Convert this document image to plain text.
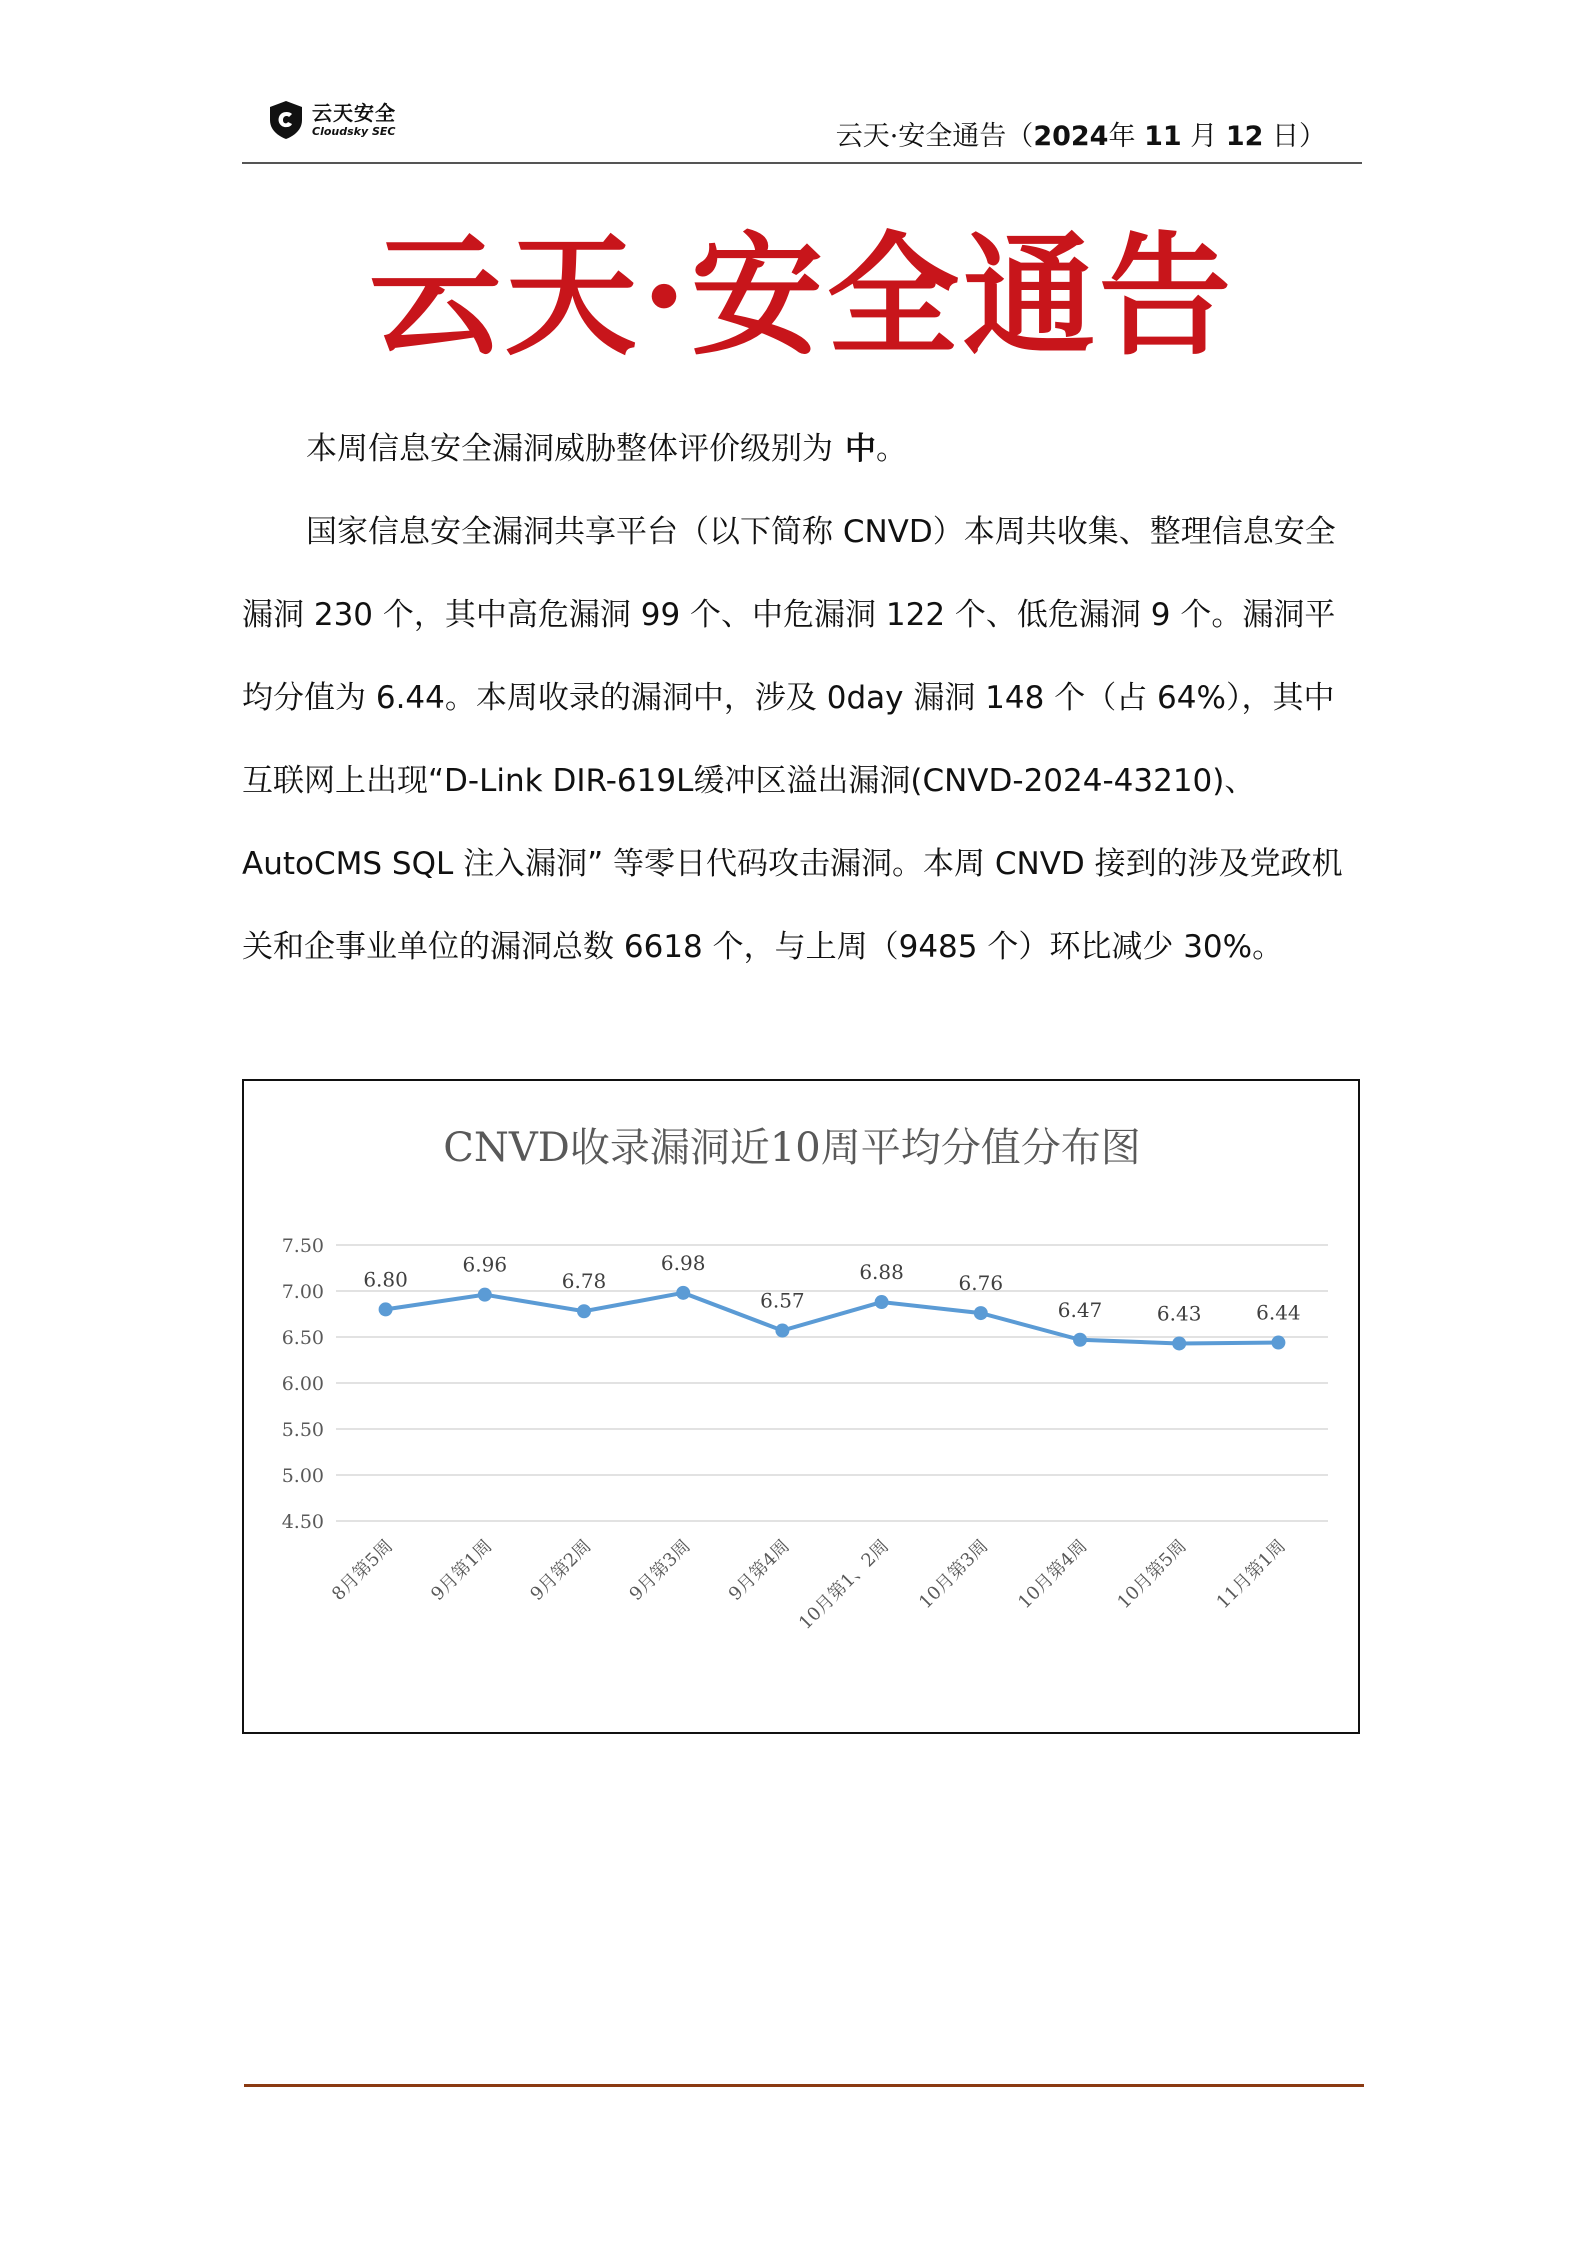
云天安全
Cloudsky SEC	云天·安全通告（2024年 11 月 12 日）
云天·安全通告

本周信息安全漏洞威胁整体评价级别为 中。

国家信息安全漏洞共享平台（以下简称 CNVD）本周共收集、整理信息安全漏洞 230 个，其中高危漏洞 99 个、中危漏洞 122 个、低危漏洞 9 个。漏洞平均分值为 6.44。本周收录的漏洞中，涉及 0day 漏洞 148 个（占 64%），其中互联网上出现“D-Link DIR-619L缓冲区溢出漏洞(CNVD-2024-43210)、AutoCMS SQL 注入漏洞” 等零日代码攻击漏洞。本周 CNVD 接到的涉及党政机关和企事业单位的漏洞总数 6618 个，与上周（9485 个）环比减少 30%。

CNVD收录漏洞近10周平均分值分布图
7.50
7.00
6.50
6.00
5.50
5.00
4.50
6.80
6.96
6.78
6.98
6.57
6.88	6.76
6.47	6.43	6.44
8月第5周 9月第1周 9月第2周 9月第3周 9月第4周 10月第1、2周 10月第3周 10月第4周 10月第5周 11月第1周
